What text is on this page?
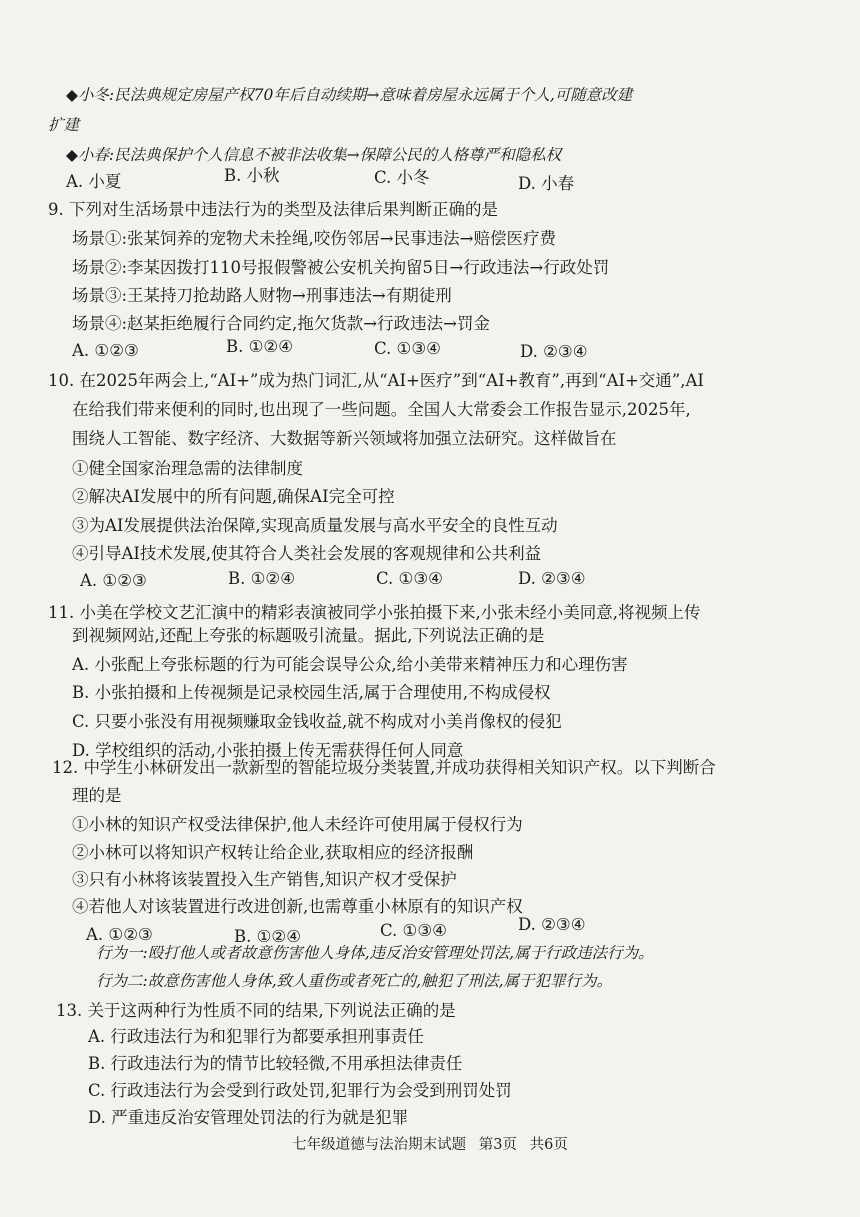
◆小冬:民法典规定房屋产权70年后自动续期→意味着房屋永远属于个人,可随意改建
扩建
◆小春:民法典保护个人信息不被非法收集→保障公民的人格尊严和隐私权
A. 小夏	B. 小秋	C. 小冬	D. 小春
9. 下列对生活场景中违法行为的类型及法律后果判断正确的是
场景①:张某饲养的宠物犬未拴绳,咬伤邻居→民事违法→赔偿医疗费
场景②:李某因拨打110号报假警被公安机关拘留5日→行政违法→行政处罚
场景③:王某持刀抢劫路人财物→刑事违法→有期徒刑
场景④:赵某拒绝履行合同约定,拖欠货款→行政违法→罚金
A. ①②③	B. ①②④	C. ①③④	D. ②③④
10. 在2025年两会上,“AI+”成为热门词汇,从“AI+医疗”到“AI+教育”,再到“AI+交通”,AI
在给我们带来便利的同时,也出现了一些问题。全国人大常委会工作报告显示,2025年,
围绕人工智能、数字经济、大数据等新兴领域将加强立法研究。这样做旨在
①健全国家治理急需的法律制度
②解决AI发展中的所有问题,确保AI完全可控
③为AI发展提供法治保障,实现高质量发展与高水平安全的良性互动
④引导AI技术发展,使其符合人类社会发展的客观规律和公共利益
A. ①②③	B. ①②④	C. ①③④	D. ②③④
11. 小美在学校文艺汇演中的精彩表演被同学小张拍摄下来,小张未经小美同意,将视频上传
到视频网站,还配上夸张的标题吸引流量。据此,下列说法正确的是
A. 小张配上夸张标题的行为可能会误导公众,给小美带来精神压力和心理伤害
B. 小张拍摄和上传视频是记录校园生活,属于合理使用,不构成侵权
C. 只要小张没有用视频赚取金钱收益,就不构成对小美肖像权的侵犯
D. 学校组织的活动,小张拍摄上传无需获得任何人同意
12. 中学生小林研发出一款新型的智能垃圾分类装置,并成功获得相关知识产权。以下判断合
理的是
①小林的知识产权受法律保护,他人未经许可使用属于侵权行为
②小林可以将知识产权转让给企业,获取相应的经济报酬
③只有小林将该装置投入生产销售,知识产权才受保护
④若他人对该装置进行改进创新,也需尊重小林原有的知识产权
A. ①②③	B. ①②④	C. ①③④	D. ②③④
行为一:殴打他人或者故意伤害他人身体,违反治安管理处罚法,属于行政违法行为。
行为二:故意伤害他人身体,致人重伤或者死亡的,触犯了刑法,属于犯罪行为。
13. 关于这两种行为性质不同的结果,下列说法正确的是
A. 行政违法行为和犯罪行为都要承担刑事责任
B. 行政违法行为的情节比较轻微,不用承担法律责任
C. 行政违法行为会受到行政处罚,犯罪行为会受到刑罚处罚
D. 严重违反治安管理处罚法的行为就是犯罪
七年级道德与法治期末试题 第3页 共6页
